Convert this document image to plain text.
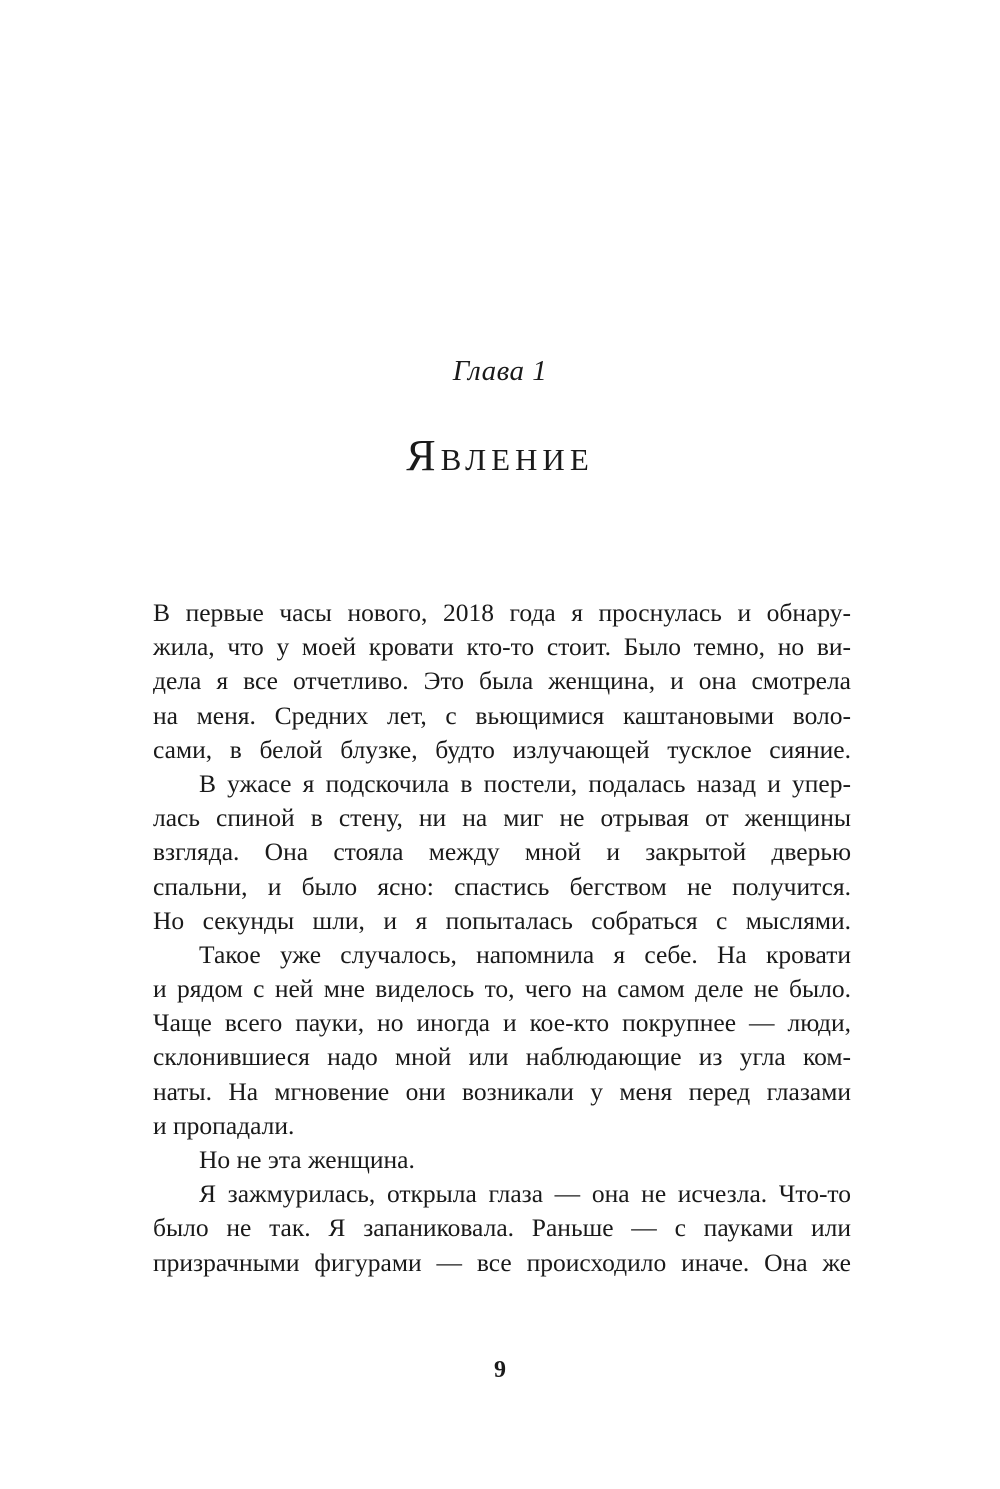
Глава 1
Явление
В первые часы нового, 2018 года я проснулась и обнару-
жила, что у моей кровати кто-то стоит. Было темно, но ви-
дела я все отчетливо. Это была женщина, и она смотрела
на меня. Средних лет, с вьющимися каштановыми воло-
сами, в белой блузке, будто излучающей тусклое сияние.
В ужасе я подскочила в постели, подалась назад и упер-
лась спиной в стену, ни на миг не отрывая от женщины
взгляда. Она стояла между мной и закрытой дверью
спальни, и было ясно: спастись бегством не получится.
Но секунды шли, и я попыталась собраться с мыслями.
Такое уже случалось, напомнила я себе. На кровати
и рядом с ней мне виделось то, чего на самом деле не было.
Чаще всего пауки, но иногда и кое-кто покрупнее — люди,
склонившиеся надо мной или наблюдающие из угла ком-
наты. На мгновение они возникали у меня перед глазами
и пропадали.
Но не эта женщина.
Я зажмурилась, открыла глаза — она не исчезла. Что-то
было не так. Я запаниковала. Раньше — с пауками или
призрачными фигурами — все происходило иначе. Она же
9
